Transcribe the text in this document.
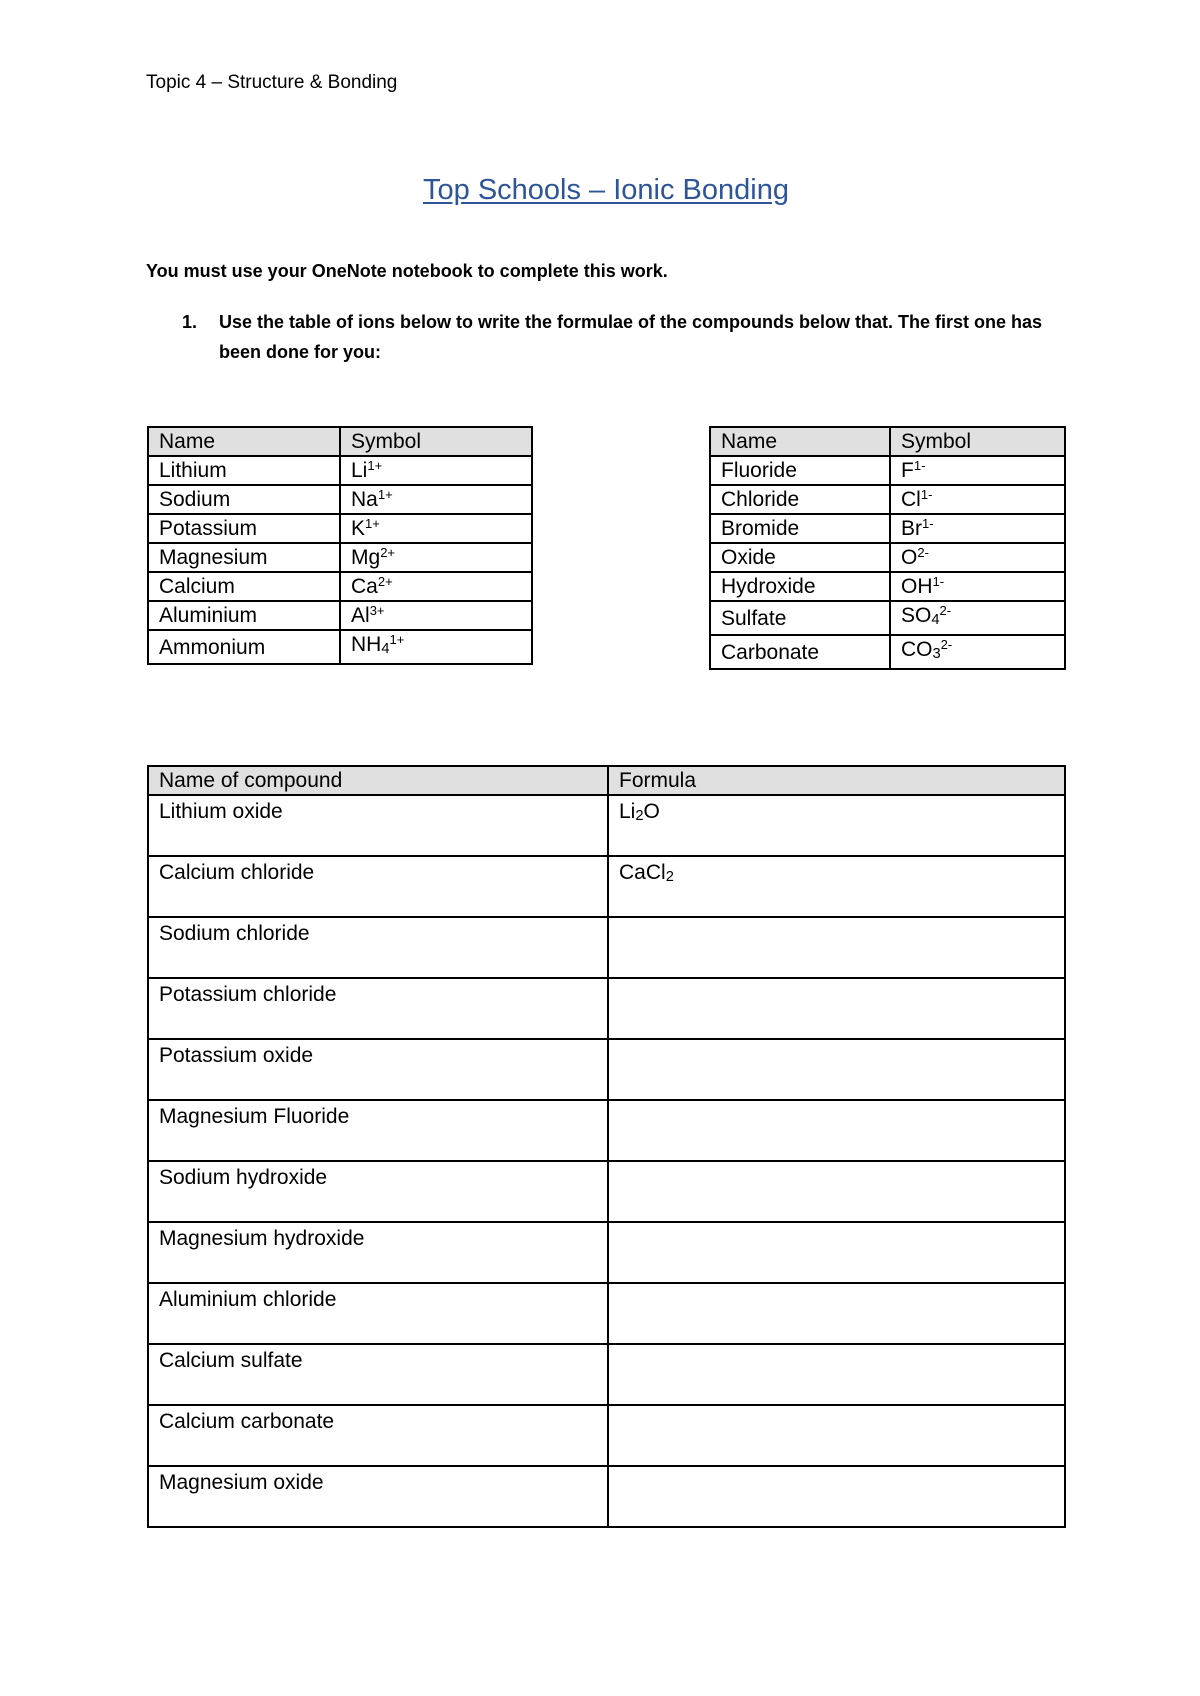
Topic 4 – Structure & Bonding
Top Schools – Ionic Bonding
You must use your OneNote notebook to complete this work.
1. Use the table of ions below to write the formulae of the compounds below that. The first one has been done for you:
Name	Symbol
Lithium	$Li^{1+}$
Sodium	$Na^{1+}$
Potassium	$K^{1+}$
Magnesium	$Mg^{2+}$
Calcium	$Ca^{2+}$
Aluminium	$Al^{3+}$
Ammonium	$NH_4^{1+}$
Name	Symbol
Fluoride	$F^{1-}$
Chloride	$Cl^{1-}$
Bromide	$Br^{1-}$
Oxide	$O^{2-}$
Hydroxide	$OH^{1-}$
Sulfate	$SO_4^{2-}$
Carbonate	$CO_3^{2-}$
Name of compound	Formula
Lithium oxide	$Li_2O$
Calcium chloride	CaCl$_2$
Sodium chloride	
Potassium chloride	
Potassium oxide	
Magnesium Fluoride	
Sodium hydroxide	
Magnesium hydroxide	
Aluminium chloride	
Calcium sulfate	
Calcium carbonate	
Magnesium oxide	
